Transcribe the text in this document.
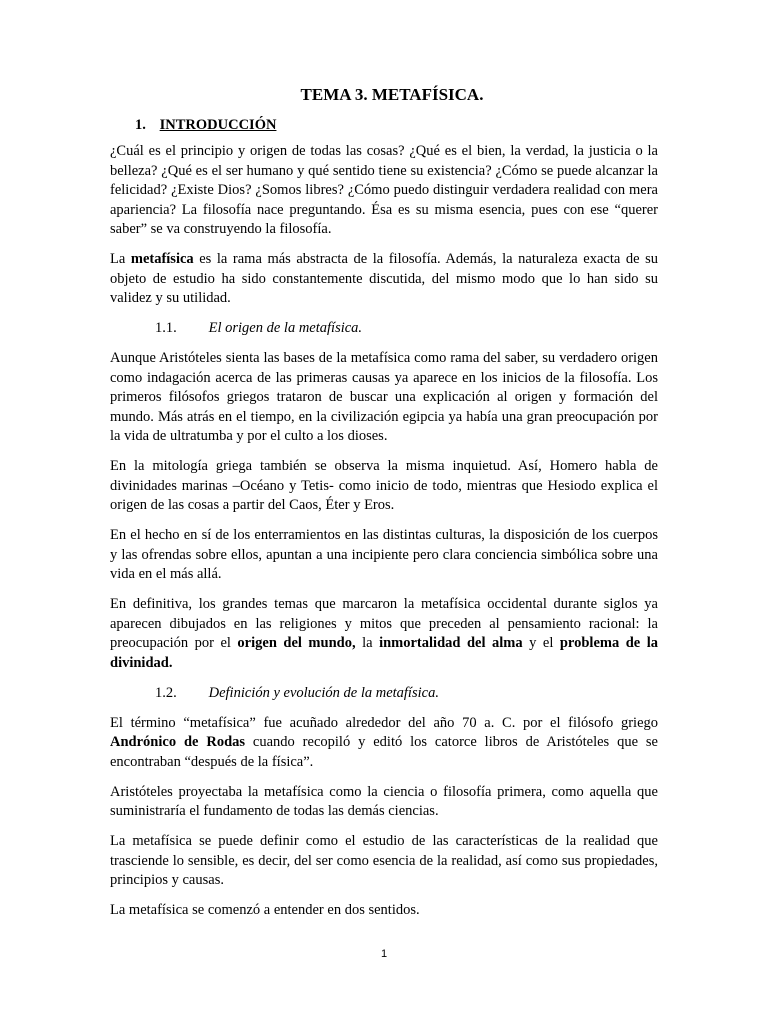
TEMA 3. METAFÍSICA.
1. INTRODUCCIÓN

¿Cuál es el principio y origen de todas las cosas? ¿Qué es el bien, la verdad, la justicia o la belleza? ¿Qué es el ser humano y qué sentido tiene su existencia? ¿Cómo se puede alcanzar la felicidad? ¿Existe Dios? ¿Somos libres? ¿Cómo puedo distinguir verdadera realidad con mera apariencia? La filosofía nace preguntando. Ésa es su misma esencia, pues con ese “querer saber” se va construyendo la filosofía.

La metafísica es la rama más abstracta de la filosofía. Además, la naturaleza exacta de su objeto de estudio ha sido constantemente discutida, del mismo modo que lo han sido su validez y su utilidad.

1.1. El origen de la metafísica.

Aunque Aristóteles sienta las bases de la metafísica como rama del saber, su verdadero origen como indagación acerca de las primeras causas ya aparece en los inicios de la filosofía. Los primeros filósofos griegos trataron de buscar una explicación al origen y formación del mundo. Más atrás en el tiempo, en la civilización egipcia ya había una gran preocupación por la vida de ultratumba y por el culto a los dioses.

En la mitología griega también se observa la misma inquietud. Así, Homero habla de divinidades marinas –Océano y Tetis- como inicio de todo, mientras que Hesiodo explica el origen de las cosas a partir del Caos, Éter y Eros.

En el hecho en sí de los enterramientos en las distintas culturas, la disposición de los cuerpos y las ofrendas sobre ellos, apuntan a una incipiente pero clara conciencia simbólica sobre una vida en el más allá.

En definitiva, los grandes temas que marcaron la metafísica occidental durante siglos ya aparecen dibujados en las religiones y mitos que preceden al pensamiento racional: la preocupación por el origen del mundo, la inmortalidad del alma y el problema de la divinidad.

1.2. Definición y evolución de la metafísica.

El término “metafísica” fue acuñado alrededor del año 70 a. C. por el filósofo griego Andrónico de Rodas cuando recopiló y editó los catorce libros de Aristóteles que se encontraban “después de la física”.

Aristóteles proyectaba la metafísica como la ciencia o filosofía primera, como aquella que suministraría el fundamento de todas las demás ciencias.

La metafísica se puede definir como el estudio de las características de la realidad que trasciende lo sensible, es decir, del ser como esencia de la realidad, así como sus propiedades, principios y causas.

La metafísica se comenzó a entender en dos sentidos.

1
